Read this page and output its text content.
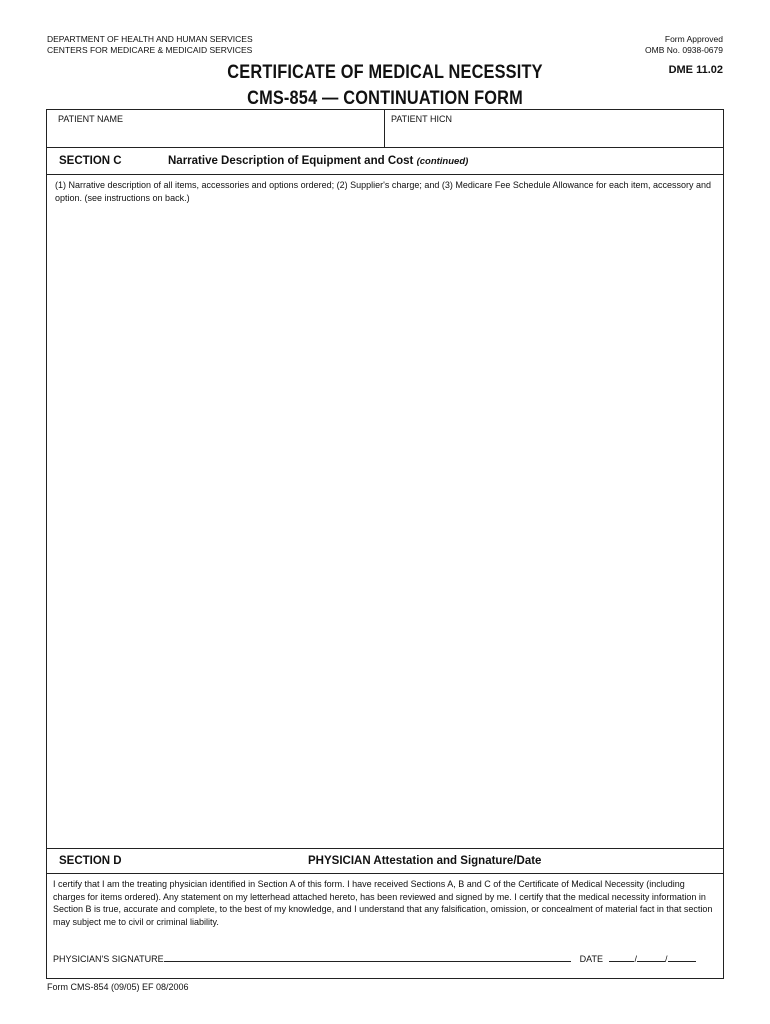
DEPARTMENT OF HEALTH AND HUMAN SERVICES
CENTERS FOR MEDICARE & MEDICAID SERVICES
Form Approved
OMB No. 0938-0679
CERTIFICATE OF MEDICAL NECESSITY
CMS-854 — CONTINUATION FORM
DME 11.02
PATIENT NAME	PATIENT HICN
SECTION C	Narrative Description of Equipment and Cost (continued)
(1) Narrative description of all items, accessories and options ordered; (2) Supplier's charge; and (3) Medicare Fee Schedule Allowance for each item, accessory and option. (see instructions on back.)
SECTION D	PHYSICIAN Attestation and Signature/Date
I certify that I am the treating physician identified in Section A of this form. I have received Sections A, B and C of the Certificate of Medical Necessity (including charges for items ordered). Any statement on my letterhead attached hereto, has been reviewed and signed by me. I certify that the medical necessity information in Section B is true, accurate and complete, to the best of my knowledge, and I understand that any falsification, omission, or concealment of material fact in that section may subject me to civil or criminal liability.
PHYSICIAN'S SIGNATURE	DATE	/	/
Form CMS-854 (09/05) EF 08/2006
